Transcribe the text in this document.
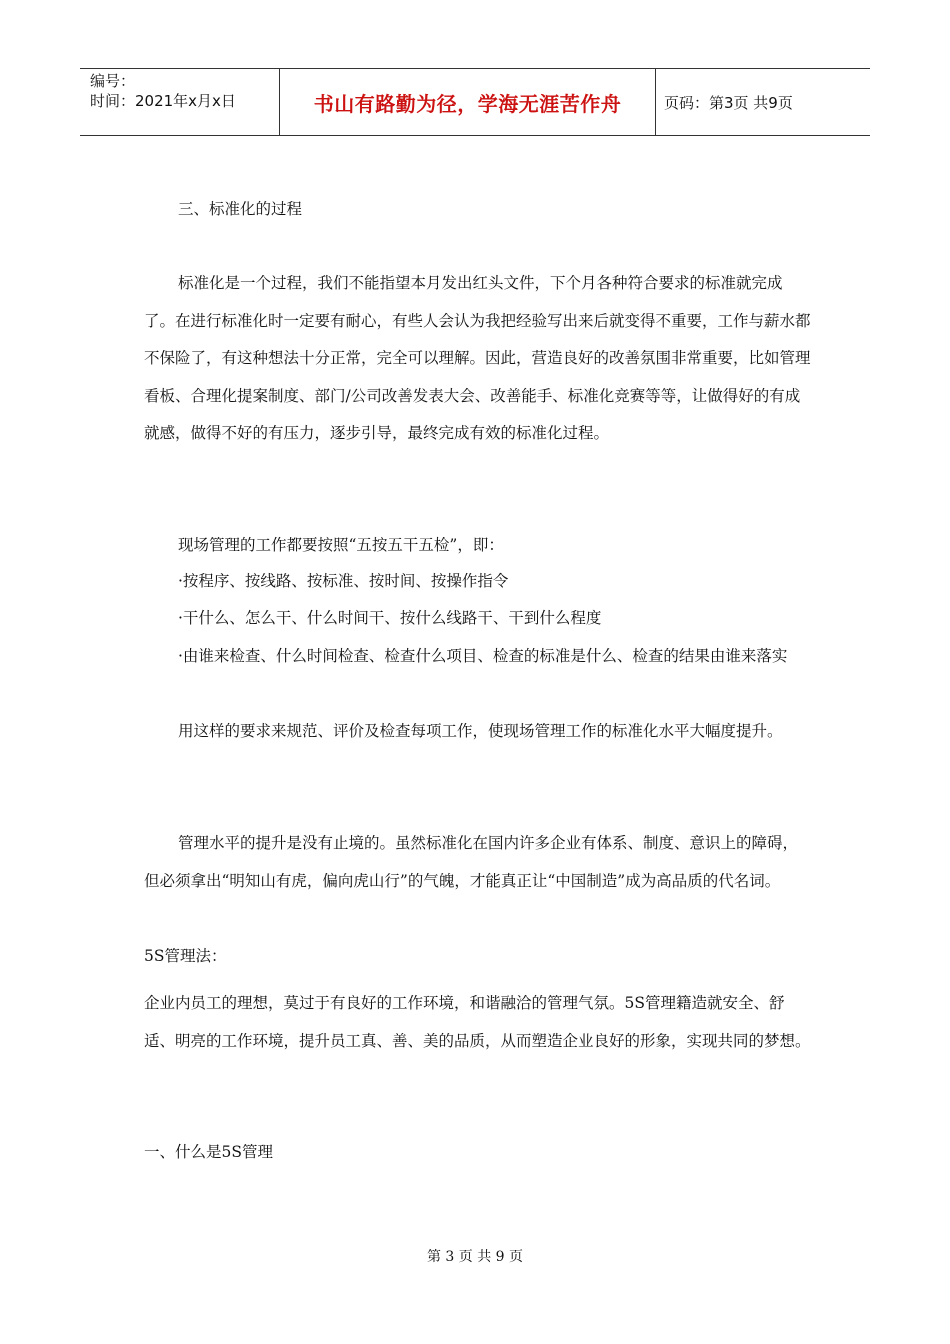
编号：
时间：2021年x月x日	书山有路勤为径，学海无涯苦作舟	页码：第3页 共9页

三、标准化的过程

标准化是一个过程，我们不能指望本月发出红头文件，下个月各种符合要求的标准就完成了。在进行标准化时一定要有耐心，有些人会认为我把经验写出来后就变得不重要，工作与薪水都不保险了，有这种想法十分正常，完全可以理解。因此，营造良好的改善氛围非常重要，比如管理看板、合理化提案制度、部门/公司改善发表大会、改善能手、标准化竞赛等等，让做得好的有成就感，做得不好的有压力，逐步引导，最终完成有效的标准化过程。

现场管理的工作都要按照“五按五干五检”，即：

·按程序、按线路、按标准、按时间、按操作指令

·干什么、怎么干、什么时间干、按什么线路干、干到什么程度

·由谁来检查、什么时间检查、检查什么项目、检查的标准是什么、检查的结果由谁来落实

用这样的要求来规范、评价及检查每项工作，使现场管理工作的标准化水平大幅度提升。

管理水平的提升是没有止境的。虽然标准化在国内许多企业有体系、制度、意识上的障碍，但必须拿出“明知山有虎，偏向虎山行”的气魄，才能真正让“中国制造”成为高品质的代名词。

5S管理法：

企业内员工的理想，莫过于有良好的工作环境，和谐融洽的管理气氛。5S管理籍造就安全、舒适、明亮的工作环境，提升员工真、善、美的品质，从而塑造企业良好的形象，实现共同的梦想。

一、什么是5S管理

第 3 页 共 9 页
